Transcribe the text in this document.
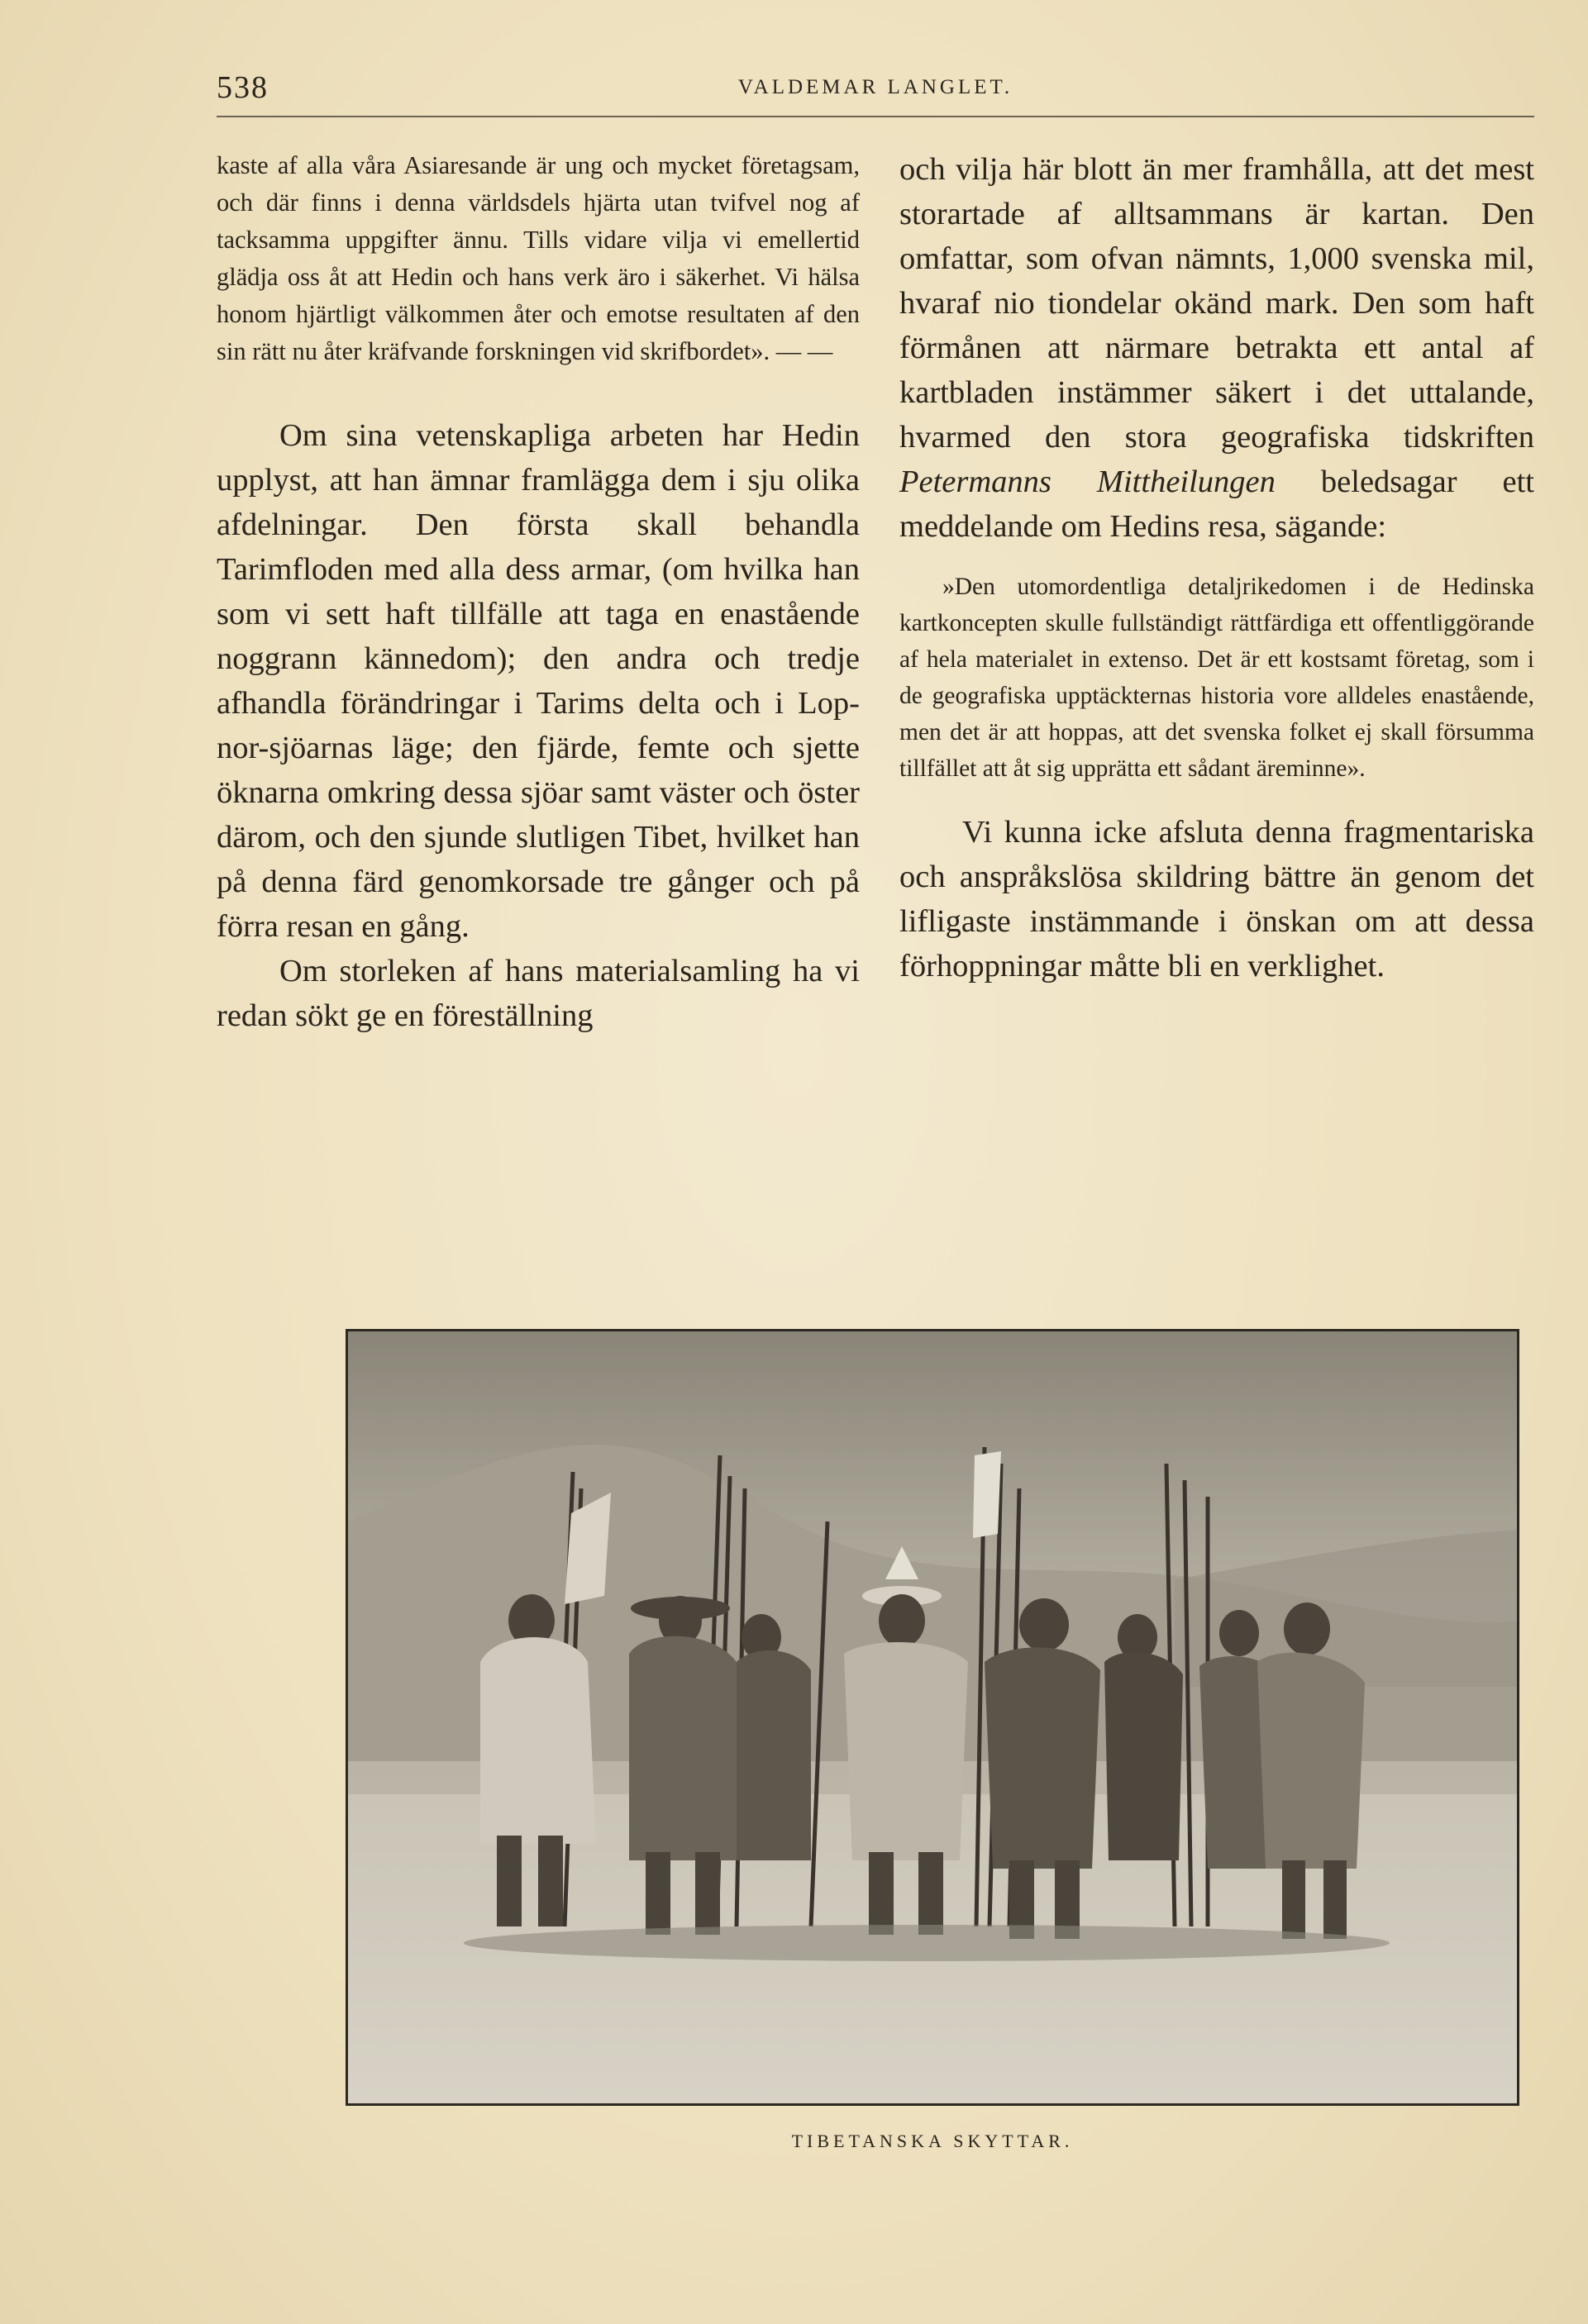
538	VALDEMAR LANGLET.

kaste af alla våra Asiaresande är ung och mycket företagsam, och där finns i denna världsdels hjärta utan tvifvel nog af tacksamma uppgifter ännu. Tills vidare vilja vi emellertid glädja oss åt att Hedin och hans verk äro i säkerhet. Vi hälsa honom hjärtligt välkommen åter och emotse resultaten af den sin rätt nu åter kräfvande forskningen vid skrifbordet». — —

Om sina vetenskapliga arbeten har Hedin upplyst, att han ämnar framlägga dem i sju olika afdelningar. Den första skall behandla Tarimfloden med alla dess armar, (om hvilka han som vi sett haft tillfälle att taga en enastående noggrann kännedom); den andra och tredje afhandla förändringar i Tarims delta och i Lop-nor-sjöarnas läge; den fjärde, femte och sjette öknarna omkring dessa sjöar samt väster och öster därom, och den sjunde slutligen Tibet, hvilket han på denna färd genomkorsade tre gånger och på förra resan en gång.

Om storleken af hans materialsamling ha vi redan sökt ge en föreställning

och vilja här blott än mer framhålla, att det mest storartade af alltsammans är kartan. Den omfattar, som ofvan nämnts, 1,000 svenska mil, hvaraf nio tiondelar okänd mark. Den som haft förmånen att närmare betrakta ett antal af kartbladen instämmer säkert i det uttalande, hvarmed den stora geografiska tidskriften Petermanns Mittheilungen beledsagar ett meddelande om Hedins resa, sägande:

»Den utomordentliga detaljrikedomen i de Hedinska kartkoncepten skulle fullständigt rättfärdiga ett offentliggörande af hela materialet in extenso. Det är ett kostsamt företag, som i de geografiska upptäckternas historia vore alldeles enastående, men det är att hoppas, att det svenska folket ej skall försumma tillfället att åt sig upprätta ett sådant äreminne».

Vi kunna icke afsluta denna fragmentariska och anspråkslösa skildring bättre än genom det lifligaste instämmande i önskan om att dessa förhoppningar måtte bli en verklighet.

TIBETANSKA SKYTTAR.
